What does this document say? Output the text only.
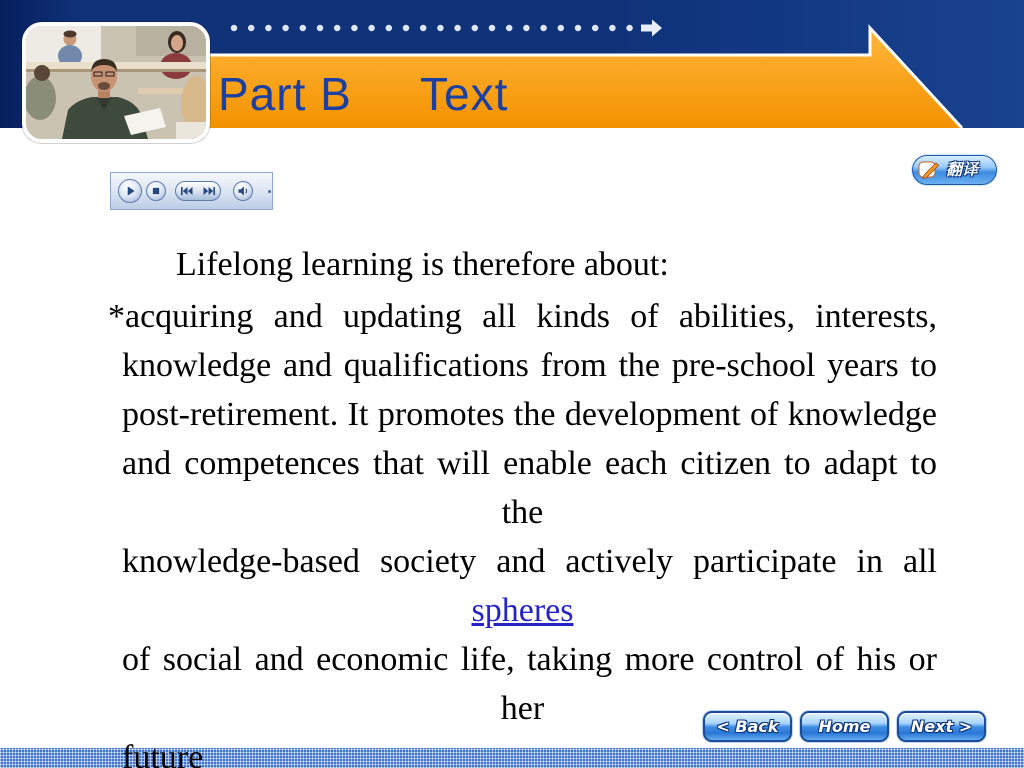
Part B Text
翻译
Lifelong learning is therefore about:
*acquiring and updating all kinds of abilities, interests,
knowledge and qualifications from the pre-school years to
post-retirement. It promotes the development of knowledge
and competences that will enable each citizen to adapt to
the
knowledge-based society and actively participate in all
spheres
of social and economic life, taking more control of his or
her
future
< Back	Home	Next >
